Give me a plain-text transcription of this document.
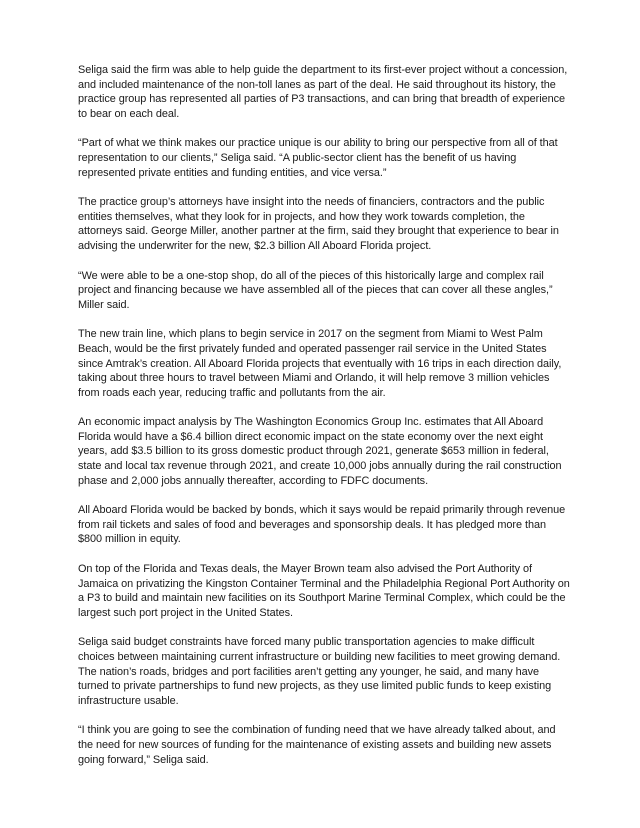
Seliga said the firm was able to help guide the department to its first-ever project without a concession, and included maintenance of the non-toll lanes as part of the deal. He said throughout its history, the practice group has represented all parties of P3 transactions, and can bring that breadth of experience to bear on each deal.

“Part of what we think makes our practice unique is our ability to bring our perspective from all of that representation to our clients,” Seliga said. “A public-sector client has the benefit of us having represented private entities and funding entities, and vice versa.”

The practice group’s attorneys have insight into the needs of financiers, contractors and the public entities themselves, what they look for in projects, and how they work towards completion, the attorneys said. George Miller, another partner at the firm, said they brought that experience to bear in advising the underwriter for the new, $2.3 billion All Aboard Florida project.

“We were able to be a one-stop shop, do all of the pieces of this historically large and complex rail project and financing because we have assembled all of the pieces that can cover all these angles,” Miller said.

The new train line, which plans to begin service in 2017 on the segment from Miami to West Palm Beach, would be the first privately funded and operated passenger rail service in the United States since Amtrak’s creation. All Aboard Florida projects that eventually with 16 trips in each direction daily, taking about three hours to travel between Miami and Orlando, it will help remove 3 million vehicles from roads each year, reducing traffic and pollutants from the air.

An economic impact analysis by The Washington Economics Group Inc. estimates that All Aboard Florida would have a $6.4 billion direct economic impact on the state economy over the next eight years, add $3.5 billion to its gross domestic product through 2021, generate $653 million in federal, state and local tax revenue through 2021, and create 10,000 jobs annually during the rail construction phase and 2,000 jobs annually thereafter, according to FDFC documents.

All Aboard Florida would be backed by bonds, which it says would be repaid primarily through revenue from rail tickets and sales of food and beverages and sponsorship deals. It has pledged more than $800 million in equity.

On top of the Florida and Texas deals, the Mayer Brown team also advised the Port Authority of Jamaica on privatizing the Kingston Container Terminal and the Philadelphia Regional Port Authority on a P3 to build and maintain new facilities on its Southport Marine Terminal Complex, which could be the largest such port project in the United States.

Seliga said budget constraints have forced many public transportation agencies to make difficult choices between maintaining current infrastructure or building new facilities to meet growing demand. The nation’s roads, bridges and port facilities aren’t getting any younger, he said, and many have turned to private partnerships to fund new projects, as they use limited public funds to keep existing infrastructure usable.

“I think you are going to see the combination of funding need that we have already talked about, and the need for new sources of funding for the maintenance of existing assets and building new assets going forward,” Seliga said.
